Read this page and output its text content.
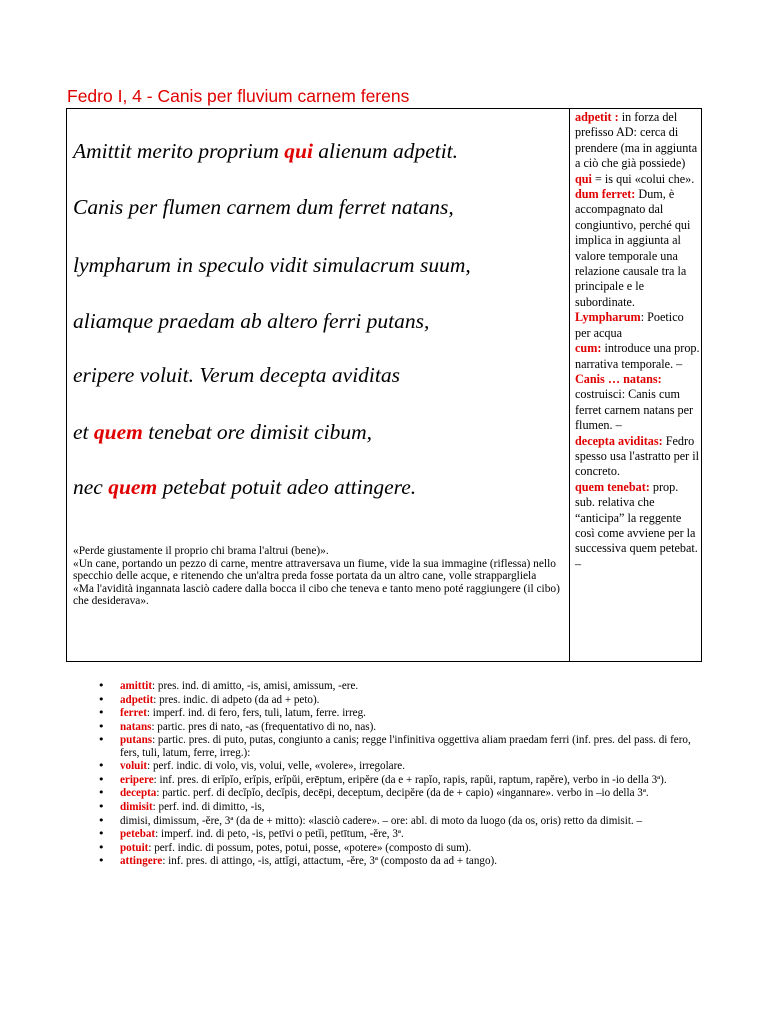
Fedro I, 4 - Canis per fluvium carnem ferens
Amittit merito proprium qui alienum adpetit.
Canis per flumen carnem dum ferret natans,
lympharum in speculo vidit simulacrum suum,
aliamque praedam ab altero ferri putans,
eripere voluit. Verum decepta aviditas
et quem tenebat ore dimisit cibum,
nec quem petebat potuit adeo attingere.

«Perde giustamente il proprio chi brama l'altrui (bene)».

«Un cane, portando un pezzo di carne, mentre attraversava un fiume, vide la sua immagine (riflessa) nello specchio delle acque, e ritenendo che un'altra preda fosse portata da un altro cane, volle strappargliela

«Ma l'avidità ingannata lasciò cadere dalla bocca il cibo che teneva e tanto meno poté raggiungere (il cibo) che desiderava».

adpetit : in forza del prefisso AD: cerca di prendere (ma in aggiunta a ciò che già possiede)

qui = is qui «colui che».

dum ferret: Dum, è accompagnato dal congiuntivo, perché qui implica in aggiunta al valore temporale una relazione causale tra la principale e le subordinate.

Lympharum: Poetico per acqua

cum: introduce una prop. narrativa temporale. –

Canis … natans: costruisci: Canis cum ferret carnem natans per flumen. –

decepta aviditas: Fedro spesso usa l'astratto per il concreto.

quem tenebat: prop. sub. relativa che “anticipa” la reggente così come avviene per la successiva quem petebat. –

• amittit: pres. ind. di amitto, -is, amisi, amissum, -ere.
• adpetit: pres. indic. di adpeto (da ad + peto).
• ferret: imperf. ind. di fero, fers, tuli, latum, ferre. irreg.
• natans: partic. pres di nato, -as (frequentativo di no, nas).
• putans: partic. pres. di puto, putas, congiunto a canis; regge l'infinitiva oggettiva aliam praedam ferri (inf. pres. del pass. di fero, fers, tuli, latum, ferre, irreg.):
• voluit: perf. indic. di volo, vis, volui, velle, «volere», irregolare.
• eripere: inf. pres. di erĭpĭo, erĭpis, erĭpŭi, erēptum, eripĕre (da e + rapĭo, rapis, rapŭi, raptum, rapĕre), verbo in -io della 3ª).
• decepta: partic. perf. di decĭpĭo, decĭpis, decēpi, deceptum, decipĕre (da de + capio) «ingannare». verbo in –io della 3ª.
• dimisit: perf. ind. di dimitto, -is,
• dimisi, dimissum, -ĕre, 3ª (da de + mitto): «lasciò cadere». – ore: abl. di moto da luogo (da os, oris) retto da dimisit. –
• petebat: imperf. ind. di peto, -is, petīvi o petĭi, petītum, -ĕre, 3ª.
• potuit: perf. indic. di possum, potes, potui, posse, «potere» (composto di sum).
• attingere: inf. pres. di attingo, -is, attĭgi, attactum, -ĕre, 3ª (composto da ad + tango).
